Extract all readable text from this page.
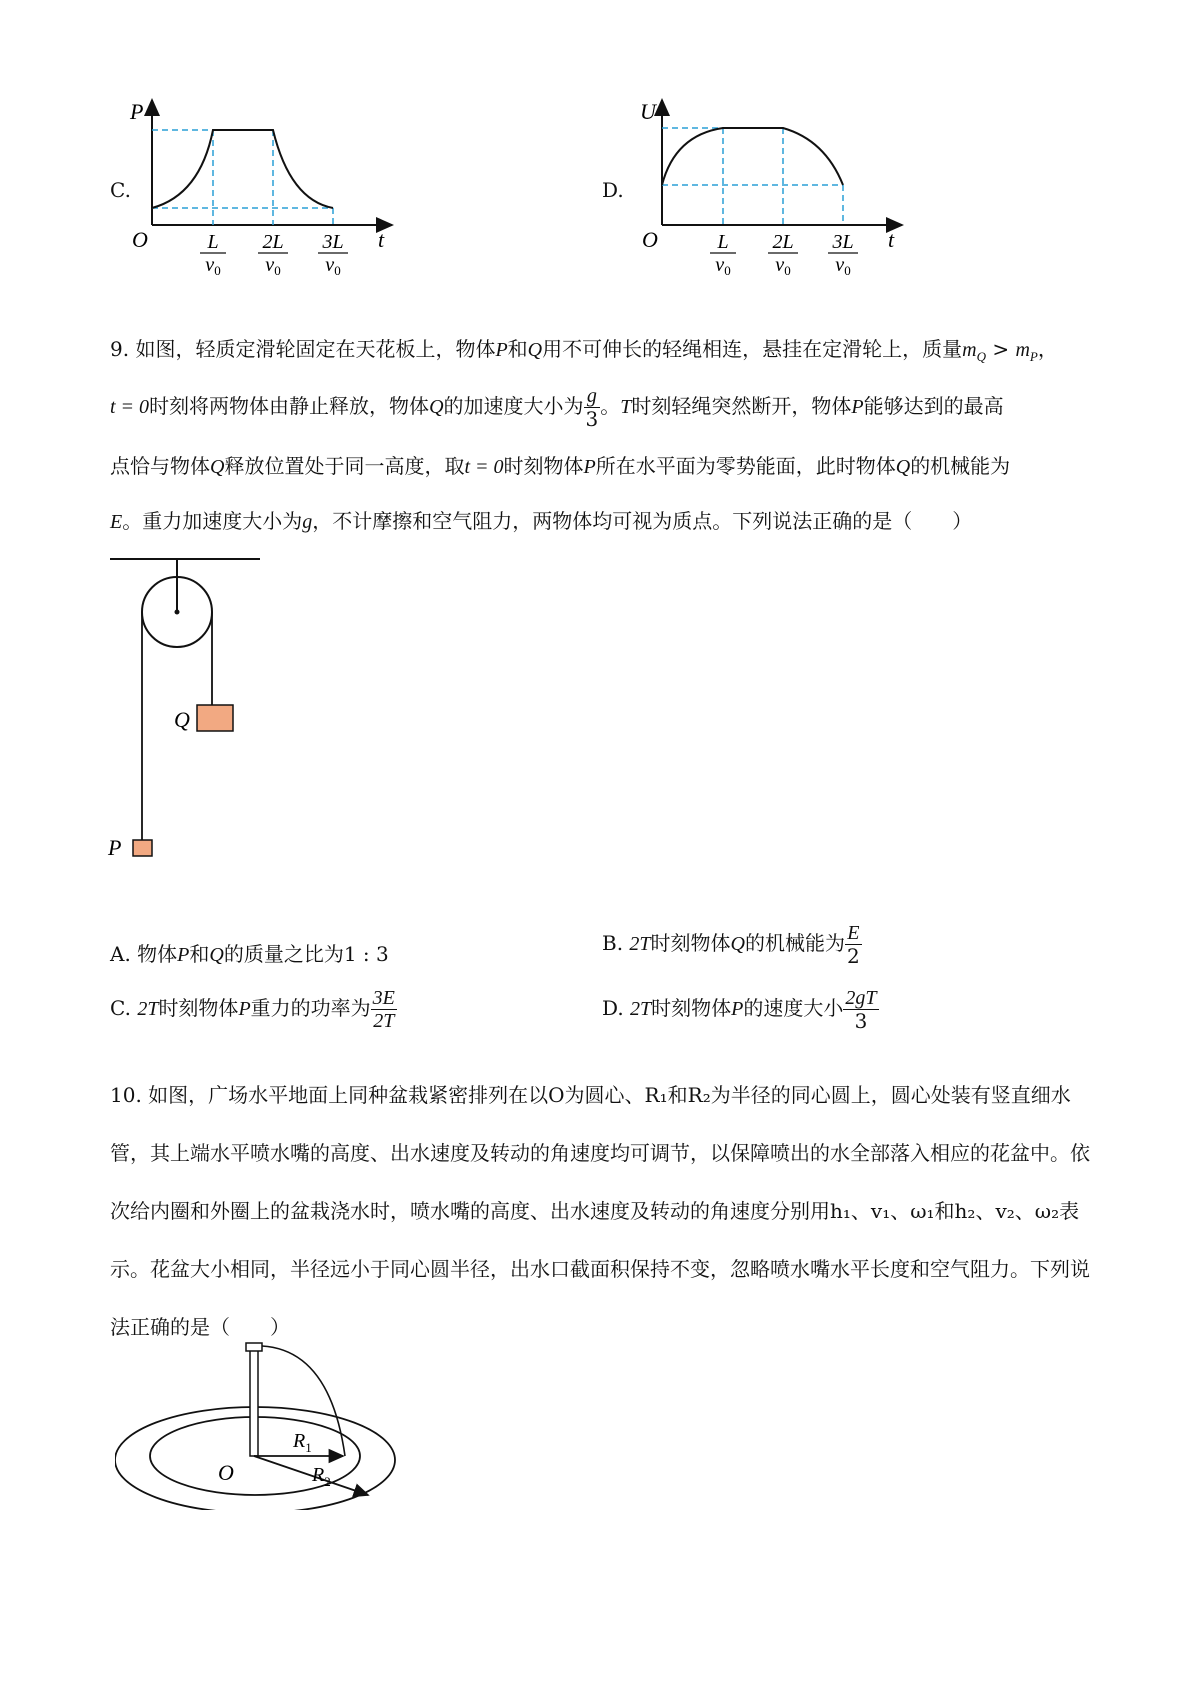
C.
P
O	t
L
$v_0$
2L
$v_0$
3L
$v_0$
D.
U
O	t
L
$v_0$
2L
$v_0$
3L
$v_0$
9. 如图，轻质定滑轮固定在天花板上，物体P和Q用不可伸长的轻绳相连，悬挂在定滑轮上，质量$m_Q > m_P$，
t = 0时刻将两物体由静止释放，物体Q的加速度大小为 $\frac{g}{3}$ 。T时刻轻绳突然断开，物体P能够达到的最高
点恰与物体Q释放位置处于同一高度，取t = 0时刻物体P所在水平面为零势能面，此时物体Q的机械能为
E。重力加速度大小为g，不计摩擦和空气阻力，两物体均可视为质点。下列说法正确的是（　　）
Q
P
A. 物体P和Q的质量之比为1 : 3	B. 2T时刻物体Q的机械能为 $\frac{E}{2}$
C. 2T时刻物体P重力的功率为 $\frac{3E}{2T}$	D. 2T时刻物体P的速度大小 $\frac{2gT}{3}$
10. 如图，广场水平地面上同种盆栽紧密排列在以O为圆心、R₁和R₂为半径的同心圆上，圆心处装有竖直细水管，其上端水平喷水嘴的高度、出水速度及转动的角速度均可调节，以保障喷出的水全部落入相应的花盆中。依次给内圈和外圈上的盆栽浇水时，喷水嘴的高度、出水速度及转动的角速度分别用h₁、v₁、ω₁和h₂、v₂、ω₂表示。花盆大小相同，半径远小于同心圆半径，出水口截面积保持不变，忽略喷水嘴水平长度和空气阻力。下列说法正确的是（　　）
O
$R_1$
$R_2$
